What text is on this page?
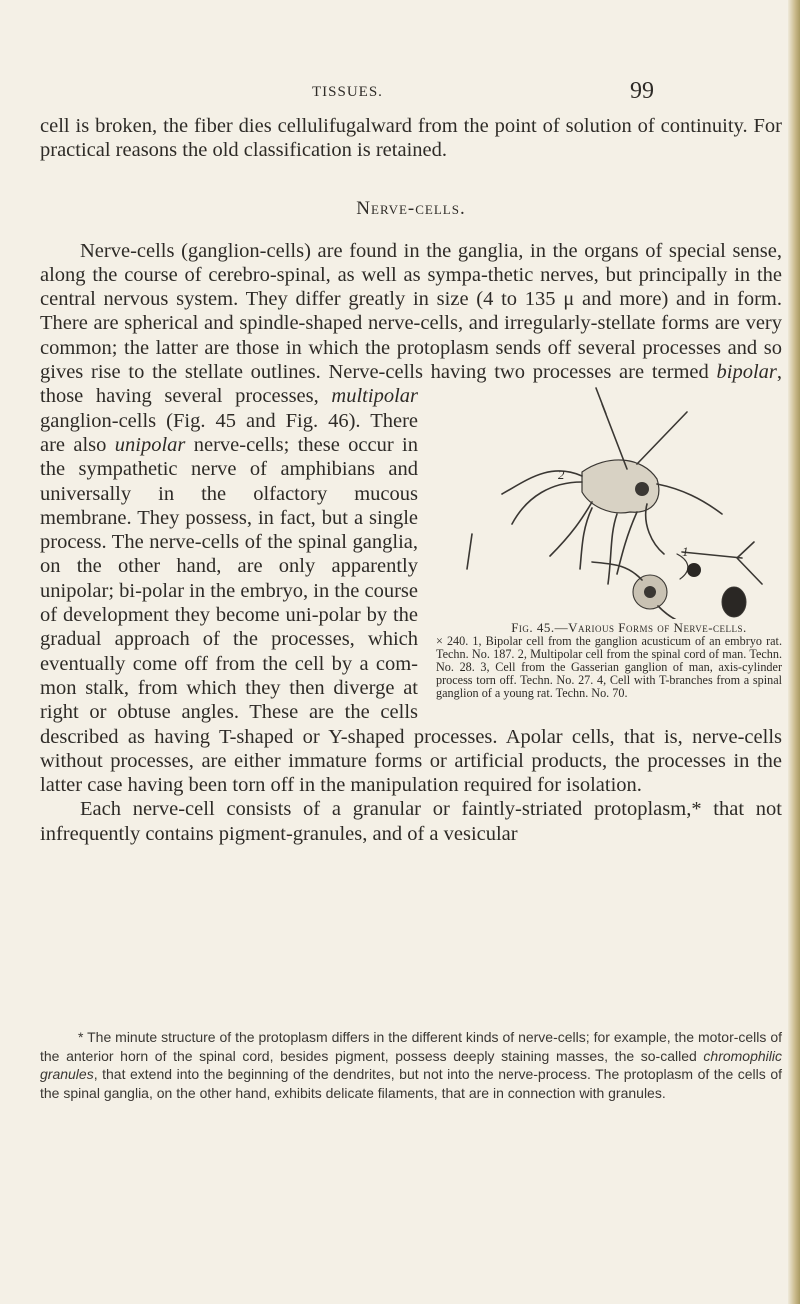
TISSUES.	99

cell is broken, the fiber dies cellulifugalward from the point of solution of continuity. For practical reasons the old classification is retained.

Nerve-cells.

Nerve-cells (ganglion-cells) are found in the ganglia, in the organs of special sense, along the course of cerebro-spinal, as well as sympa-thetic nerves, but principally in the central nervous system. They differ greatly in size (4 to 135 μ and more) and in form. There are spherical and spindle-shaped nerve-cells, and irregularly-stellate forms are very common; the latter are those in which the protoplasm sends off several processes and so gives rise to the stellate outlines. Nerve-cells having two processes are termed bipolar, those having several processes, multipolar
2
1
Fig. 45.—Various Forms of Nerve-cells.
× 240. 1, Bipolar cell from the ganglion acusticum of an embryo rat. Techn. No. 187. 2, Multipolar cell from the spinal cord of man. Techn. No. 28. 3, Cell from the Gasserian ganglion of man, axis-cylinder process torn off. Techn. No. 27. 4, Cell with T-branches from a spinal ganglion of a young rat. Techn. No. 70.
ganglion-cells (Fig. 45 and Fig. 46). There are also unipolar nerve-cells; these occur in the sympathetic nerve of amphibians and universally in the olfactory mucous membrane. They possess, in fact, but a single process. The nerve-cells of the spinal ganglia, on the other hand, are only apparently unipolar; bi-polar in the embryo, in the course of development they become uni-polar by the gradual approach of the processes, which eventually come off from the cell by a com-mon stalk, from which they then diverge at right or obtuse angles. These are the cells described as having T-shaped or Y-shaped processes. Apolar cells, that is, nerve-cells without processes, are either immature forms or artificial products, the processes in the latter case having been torn off in the manipulation required for isolation.

Each nerve-cell consists of a granular or faintly-striated protoplasm,* that not infrequently contains pigment-granules, and of a vesicular

* The minute structure of the protoplasm differs in the different kinds of nerve-cells; for example, the motor-cells of the anterior horn of the spinal cord, besides pigment, possess deeply staining masses, the so-called chromophilic granules, that extend into the beginning of the dendrites, but not into the nerve-process. The protoplasm of the cells of the spinal ganglia, on the other hand, exhibits delicate filaments, that are in connection with granules.
